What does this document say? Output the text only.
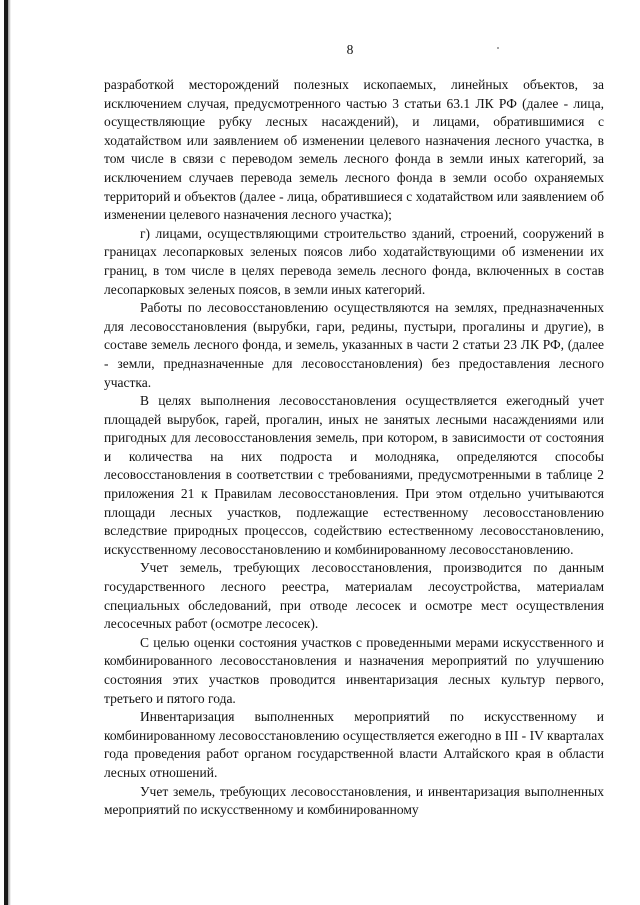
8

разработкой месторождений полезных ископаемых, линейных объектов, за исключением случая, предусмотренного частью 3 статьи 63.1 ЛК РФ (далее - лица, осуществляющие рубку лесных насаждений), и лицами, обратившимися с ходатайством или заявлением об изменении целевого назначения лесного участка, в том числе в связи с переводом земель лесного фонда в земли иных категорий, за исключением случаев перевода земель лесного фонда в земли особо охраняемых территорий и объектов (далее - лица, обратившиеся с ходатайством или заявлением об изменении целевого назначения лесного участка);

г) лицами, осуществляющими строительство зданий, строений, сооружений в границах лесопарковых зеленых поясов либо ходатайствующими об изменении их границ, в том числе в целях перевода земель лесного фонда, включенных в состав лесопарковых зеленых поясов, в земли иных категорий.

Работы по лесовосстановлению осуществляются на землях, предназначенных для лесовосстановления (вырубки, гари, редины, пустыри, прогалины и другие), в составе земель лесного фонда, и земель, указанных в части 2 статьи 23 ЛК РФ, (далее - земли, предназначенные для лесовосстановления) без предоставления лесного участка.

В целях выполнения лесовосстановления осуществляется ежегодный учет площадей вырубок, гарей, прогалин, иных не занятых лесными насаждениями или пригодных для лесовосстановления земель, при котором, в зависимости от состояния и количества на них подроста и молодняка, определяются способы лесовосстановления в соответствии с требованиями, предусмотренными в таблице 2 приложения 21 к Правилам лесовосстановления. При этом отдельно учитываются площади лесных участков, подлежащие естественному лесовосстановлению вследствие природных процессов, содействию естественному лесовосстановлению, искусственному лесовосстановлению и комбинированному лесовосстановлению.

Учет земель, требующих лесовосстановления, производится по данным государственного лесного реестра, материалам лесоустройства, материалам специальных обследований, при отводе лесосек и осмотре мест осуществления лесосечных работ (осмотре лесосек).

С целью оценки состояния участков с проведенными мерами искусственного и комбинированного лесовосстановления и назначения мероприятий по улучшению состояния этих участков проводится инвентаризация лесных культур первого, третьего и пятого года.

Инвентаризация выполненных мероприятий по искусственному и комбинированному лесовосстановлению осуществляется ежегодно в III - IV кварталах года проведения работ органом государственной власти Алтайского края в области лесных отношений.

Учет земель, требующих лесовосстановления, и инвентаризация выполненных мероприятий по искусственному и комбинированному
